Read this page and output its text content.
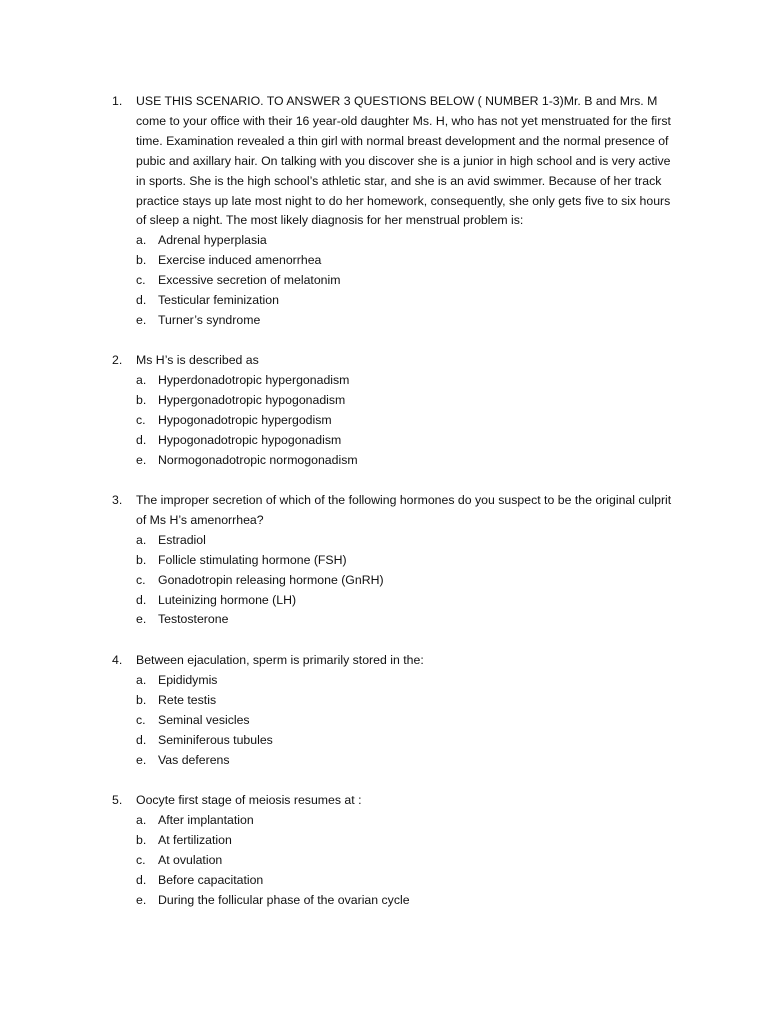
1. USE THIS SCENARIO. TO ANSWER 3 QUESTIONS BELOW ( NUMBER 1-3)Mr. B and Mrs. M come to your office with their 16 year-old daughter Ms. H, who has not yet menstruated for the first time. Examination revealed a thin girl with normal breast development and the normal presence of pubic and axillary hair. On talking with you discover she is a junior in high school and is very active in sports. She is the high school’s athletic star, and she is an avid swimmer. Because of her track practice stays up late most night to do her homework, consequently, she only gets five to six hours of sleep a night. The most likely diagnosis for her menstrual problem is:
a. Adrenal hyperplasia
b. Exercise induced amenorrhea
c. Excessive secretion of melatonim
d. Testicular feminization
e. Turner’s syndrome
2. Ms H’s is described as
a. Hyperdonadotropic hypergonadism
b. Hypergonadotropic hypogonadism
c. Hypogonadotropic hypergodism
d. Hypogonadotropic hypogonadism
e. Normogonadotropic normogonadism
3. The improper secretion of which of the following hormones do you suspect to be the original culprit of Ms H’s amenorrhea?
a. Estradiol
b. Follicle stimulating hormone (FSH)
c. Gonadotropin releasing hormone (GnRH)
d. Luteinizing hormone (LH)
e. Testosterone
4. Between ejaculation, sperm is primarily stored in the:
a. Epididymis
b. Rete testis
c. Seminal vesicles
d. Seminiferous tubules
e. Vas deferens
5. Oocyte first stage of meiosis resumes at :
a. After implantation
b. At fertilization
c. At ovulation
d. Before capacitation
e. During the follicular phase of the ovarian cycle
